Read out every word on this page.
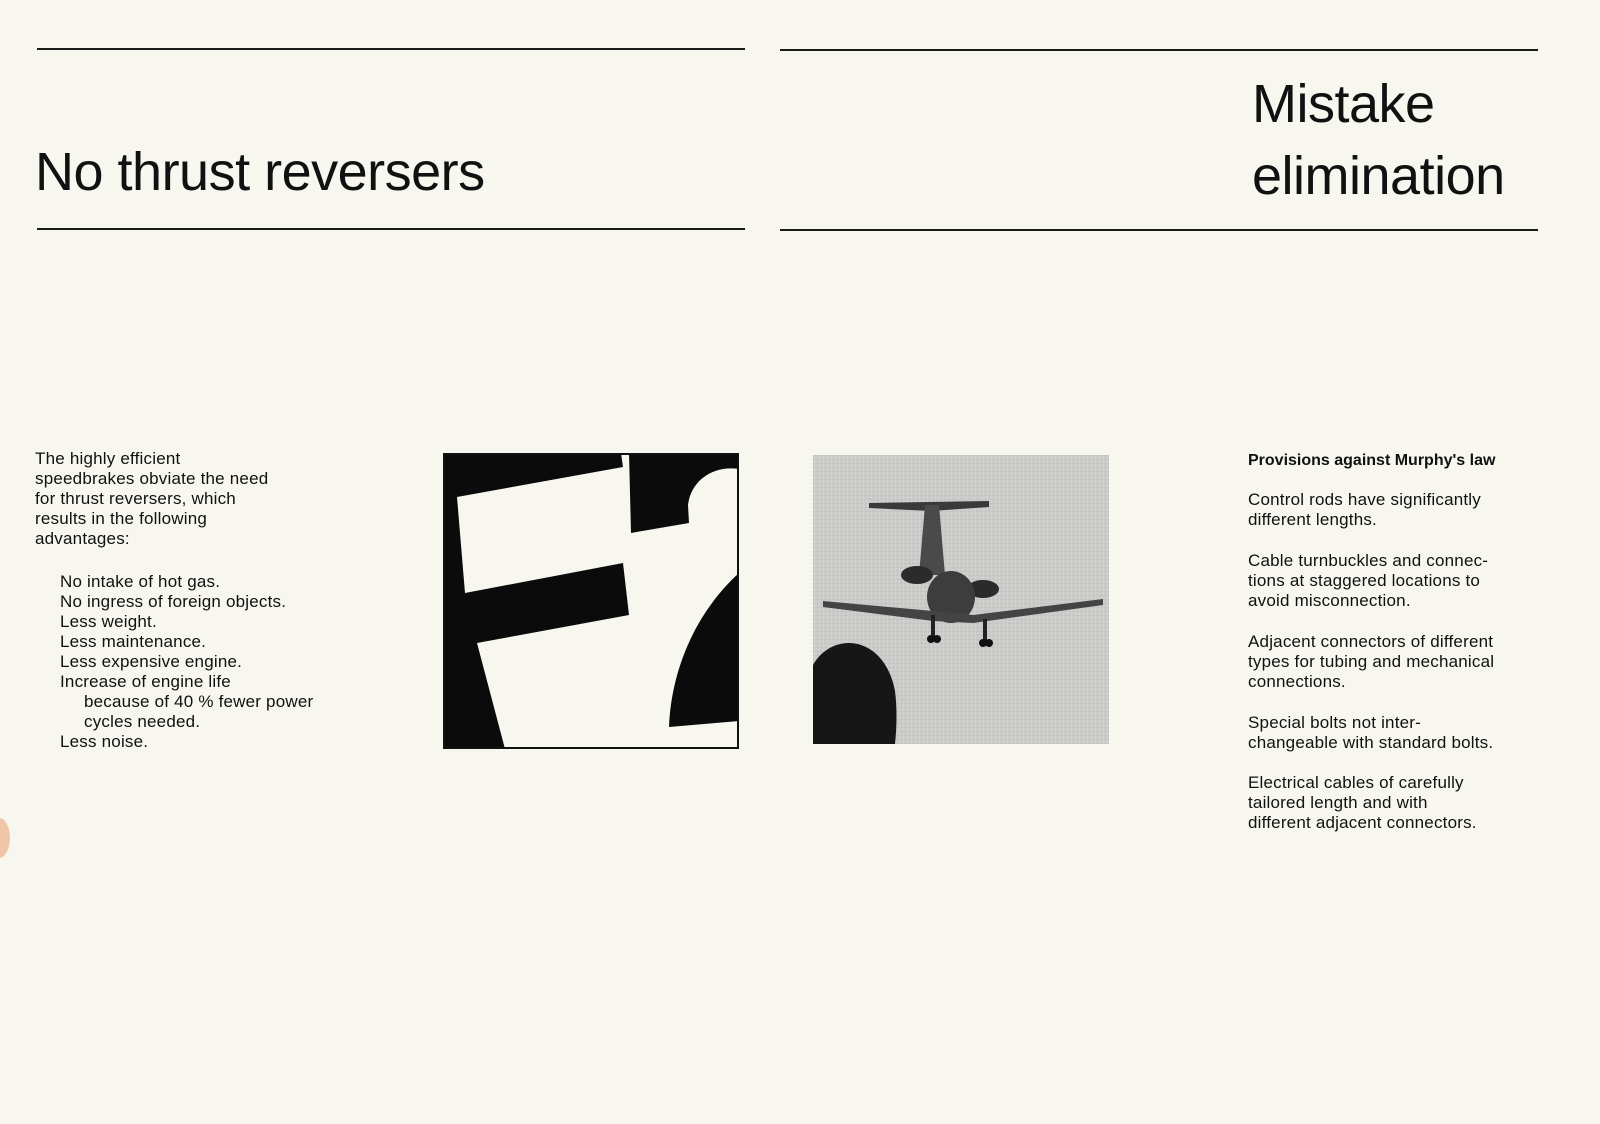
No thrust reversers
The highly efficient
speedbrakes obviate the need
for thrust reversers, which
results in the following
advantages:
No intake of hot gas.
No ingress of foreign objects.
Less weight.
Less maintenance.
Less expensive engine.
Increase of engine life
because of 40 % fewer power
cycles needed.
Less noise.
Mistake
elimination
Provisions against Murphy's law
Control rods have significantly
different lengths.
Cable turnbuckles and connec-
tions at staggered locations to
avoid misconnection.
Adjacent connectors of different
types for tubing and mechanical
connections.
Special bolts not inter-
changeable with standard bolts.
Electrical cables of carefully
tailored length and with
different adjacent connectors.
